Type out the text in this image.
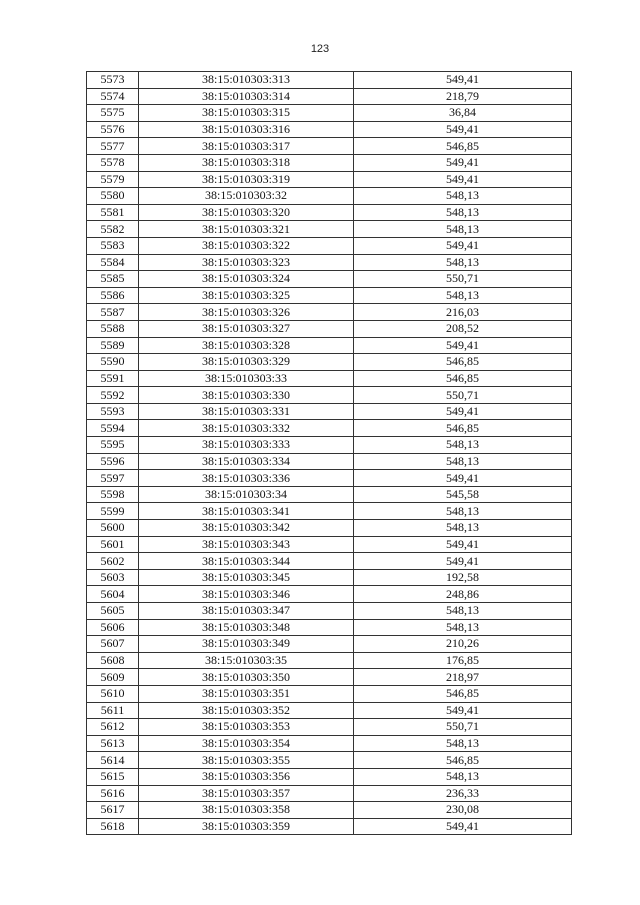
123
5573	38:15:010303:313	549,41
5574	38:15:010303:314	218,79
5575	38:15:010303:315	36,84
5576	38:15:010303:316	549,41
5577	38:15:010303:317	546,85
5578	38:15:010303:318	549,41
5579	38:15:010303:319	549,41
5580	38:15:010303:32	548,13
5581	38:15:010303:320	548,13
5582	38:15:010303:321	548,13
5583	38:15:010303:322	549,41
5584	38:15:010303:323	548,13
5585	38:15:010303:324	550,71
5586	38:15:010303:325	548,13
5587	38:15:010303:326	216,03
5588	38:15:010303:327	208,52
5589	38:15:010303:328	549,41
5590	38:15:010303:329	546,85
5591	38:15:010303:33	546,85
5592	38:15:010303:330	550,71
5593	38:15:010303:331	549,41
5594	38:15:010303:332	546,85
5595	38:15:010303:333	548,13
5596	38:15:010303:334	548,13
5597	38:15:010303:336	549,41
5598	38:15:010303:34	545,58
5599	38:15:010303:341	548,13
5600	38:15:010303:342	548,13
5601	38:15:010303:343	549,41
5602	38:15:010303:344	549,41
5603	38:15:010303:345	192,58
5604	38:15:010303:346	248,86
5605	38:15:010303:347	548,13
5606	38:15:010303:348	548,13
5607	38:15:010303:349	210,26
5608	38:15:010303:35	176,85
5609	38:15:010303:350	218,97
5610	38:15:010303:351	546,85
5611	38:15:010303:352	549,41
5612	38:15:010303:353	550,71
5613	38:15:010303:354	548,13
5614	38:15:010303:355	546,85
5615	38:15:010303:356	548,13
5616	38:15:010303:357	236,33
5617	38:15:010303:358	230,08
5618	38:15:010303:359	549,41
